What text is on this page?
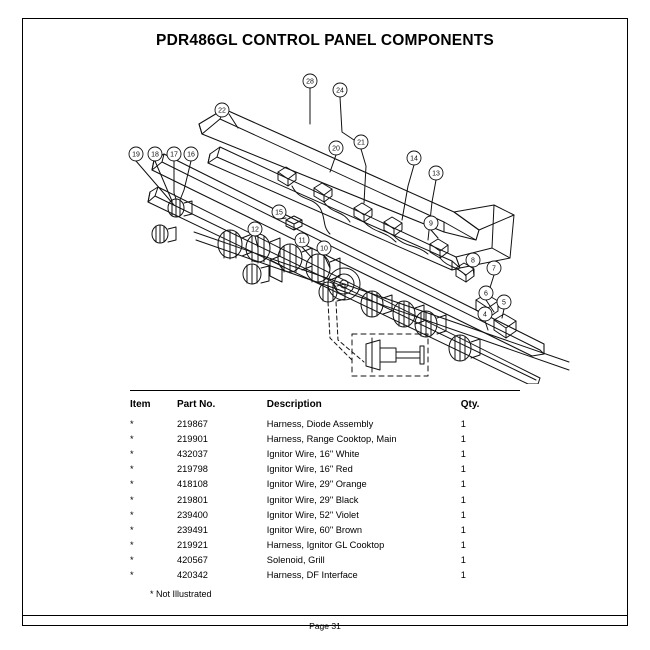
PDR486GL CONTROL PANEL COMPONENTS
28
24
22
19 18 17 16
20
21
14
13
15
12
11
10
9
8
7
6
5
4
Item	Part No.	Description	Qty.
*	219867	Harness, Diode Assembly	1
*	219901	Harness, Range Cooktop, Main	1
*	432037	Ignitor Wire, 16" White	1
*	219798	Ignitor Wire, 16" Red	1
*	418108	Ignitor Wire, 29" Orange	1
*	219801	Ignitor Wire, 29" Black	1
*	239400	Ignitor Wire, 52" Violet	1
*	239491	Ignitor Wire, 60" Brown	1
*	219921	Harness, Ignitor GL Cooktop	1
*	420567	Solenoid, Grill	1
*	420342	Harness, DF Interface	1
* Not Illustrated
Page 31
